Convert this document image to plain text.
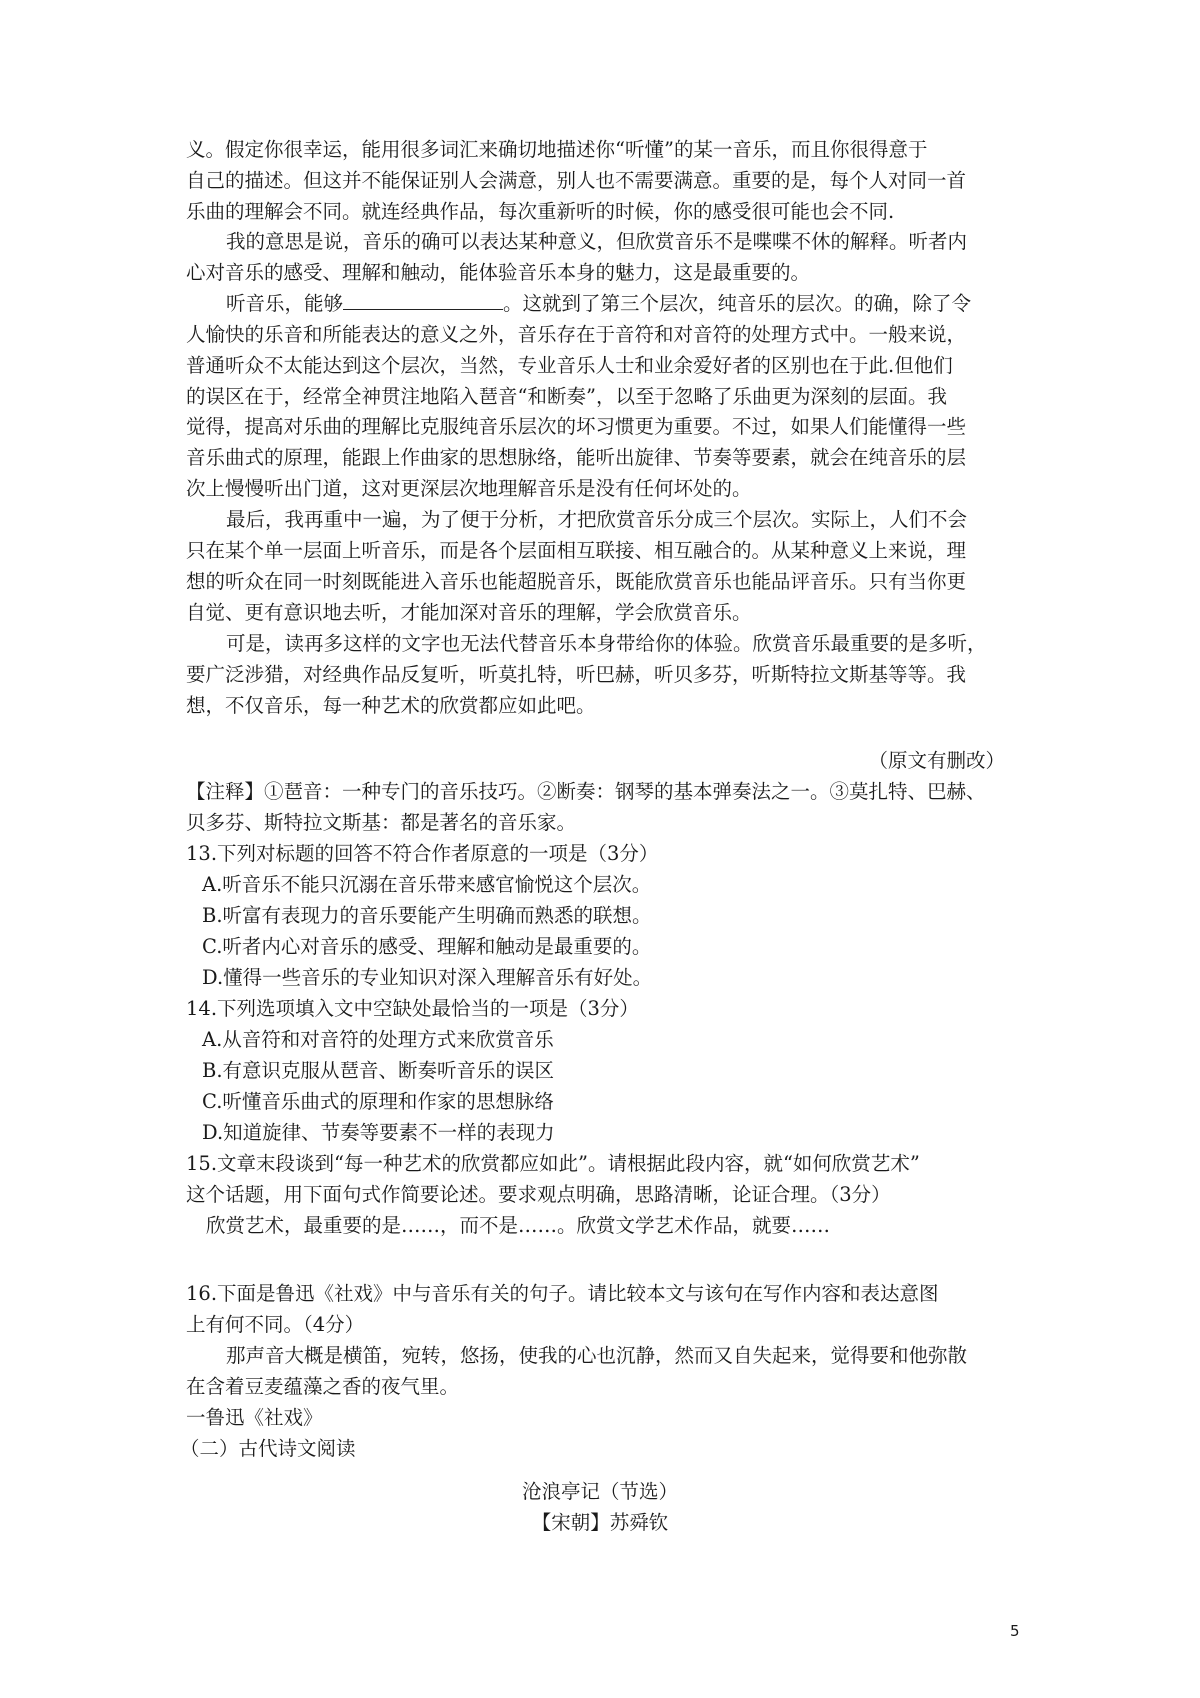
义。假定你很幸运，能用很多词汇来确切地描述你“听懂”的某一音乐，而且你很得意于
自己的描述。但这并不能保证别人会满意，别人也不需要满意。重要的是，每个人对同一首
乐曲的理解会不同。就连经典作品，每次重新听的时候，你的感受很可能也会不同.
我的意思是说，音乐的确可以表达某种意义，但欣赏音乐不是喋喋不休的解释。听者内
心对音乐的感受、理解和触动，能体验音乐本身的魅力，这是最重要的。
听音乐，能够	。这就到了第三个层次，纯音乐的层次。的确，除了令
人愉快的乐音和所能表达的意义之外，音乐存在于音符和对音符的处理方式中。一般来说，
普通听众不太能达到这个层次，当然，专业音乐人士和业余爱好者的区别也在于此.但他们
的误区在于，经常全神贯注地陷入琶音“和断奏”，以至于忽略了乐曲更为深刻的层面。我
觉得，提高对乐曲的理解比克服纯音乐层次的坏习惯更为重要。不过，如果人们能懂得一些
音乐曲式的原理，能跟上作曲家的思想脉络，能听出旋律、节奏等要素，就会在纯音乐的层
次上慢慢听出门道，这对更深层次地理解音乐是没有任何坏处的。
最后，我再重中一遍，为了便于分析，才把欣赏音乐分成三个层次。实际上，人们不会
只在某个单一层面上听音乐，而是各个层面相互联接、相互融合的。从某种意义上来说，理
想的听众在同一时刻既能进入音乐也能超脱音乐，既能欣赏音乐也能品评音乐。只有当你更
自觉、更有意识地去听，才能加深对音乐的理解，学会欣赏音乐。
可是，读再多这样的文字也无法代替音乐本身带给你的体验。欣赏音乐最重要的是多听，
要广泛涉猎，对经典作品反复听，听莫扎特，听巴赫，听贝多芬，听斯特拉文斯基等等。我
想，不仅音乐，每一种艺术的欣赏都应如此吧。
（原文有删改）
【注释】①琶音：一种专门的音乐技巧。②断奏：钢琴的基本弹奏法之一。③莫扎特、巴赫、
贝多芬、斯特拉文斯基：都是著名的音乐家。
13.下列对标题的回答不符合作者原意的一项是（3分）
A.听音乐不能只沉溺在音乐带来感官愉悦这个层次。
B.听富有表现力的音乐要能产生明确而熟悉的联想。
C.听者内心对音乐的感受、理解和触动是最重要的。
D.懂得一些音乐的专业知识对深入理解音乐有好处。
14.下列选项填入文中空缺处最恰当的一项是（3分）
A.从音符和对音符的处理方式来欣赏音乐
B.有意识克服从琶音、断奏听音乐的误区
C.听懂音乐曲式的原理和作家的思想脉络
D.知道旋律、节奏等要素不一样的表现力
15.文章末段谈到“每一种艺术的欣赏都应如此”。请根据此段内容，就“如何欣赏艺术”
这个话题，用下面句式作简要论述。要求观点明确，思路清晰，论证合理。（3分）
欣赏艺术，最重要的是……，而不是……。欣赏文学艺术作品，就要……
16.下面是鲁迅《社戏》中与音乐有关的句子。请比较本文与该句在写作内容和表达意图
上有何不同。（4分）
那声音大概是横笛，宛转，悠扬，使我的心也沉静，然而又自失起来，觉得要和他弥散
在含着豆麦蕴藻之香的夜气里。
一鲁迅《社戏》
（二）古代诗文阅读
沧浪亭记（节选）
【宋朝】苏舜钦
5
